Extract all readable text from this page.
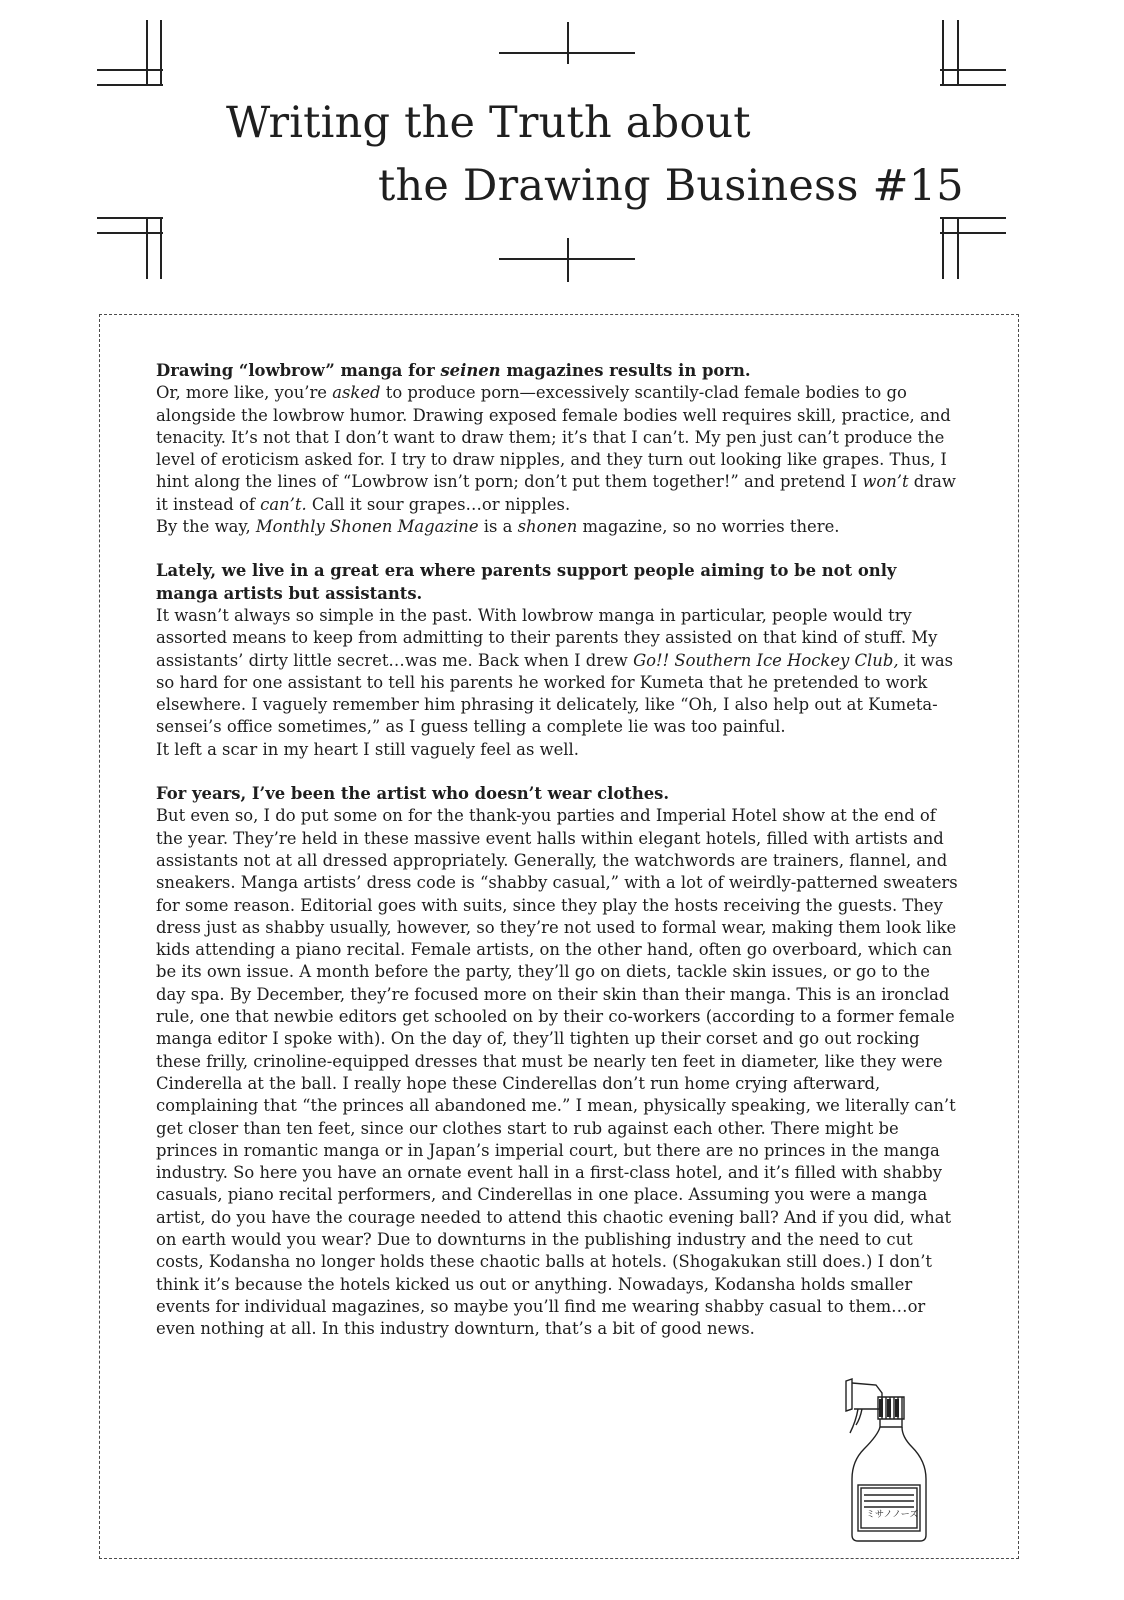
Writing the Truth about
the Drawing Business #15

Drawing “lowbrow” manga for seinen magazines results in porn.

Or, more like, you’re asked to produce porn—excessively scantily-clad female bodies to go alongside the lowbrow humor. Drawing exposed female bodies well requires skill, practice, and tenacity. It’s not that I don’t want to draw them; it’s that I can’t. My pen just can’t produce the level of eroticism asked for. I try to draw nipples, and they turn out looking like grapes. Thus, I hint along the lines of “Lowbrow isn’t porn; don’t put them together!” and pretend I won’t draw it instead of can’t. Call it sour grapes…or nipples.

By the way, Monthly Shonen Magazine is a shonen magazine, so no worries there.

Lately, we live in a great era where parents support people aiming to be not only manga artists but assistants.

It wasn’t always so simple in the past. With lowbrow manga in particular, people would try assorted means to keep from admitting to their parents they assisted on that kind of stuff. My assistants’ dirty little secret…was me. Back when I drew Go!! Southern Ice Hockey Club, it was so hard for one assistant to tell his parents he worked for Kumeta that he pretended to work elsewhere. I vaguely remember him phrasing it delicately, like “Oh, I also help out at Kumeta-sensei’s office sometimes,” as I guess telling a complete lie was too painful.

It left a scar in my heart I still vaguely feel as well.

For years, I’ve been the artist who doesn’t wear clothes.

But even so, I do put some on for the thank-you parties and Imperial Hotel show at the end of the year. They’re held in these massive event halls within elegant hotels, filled with artists and assistants not at all dressed appropriately. Generally, the watchwords are trainers, flannel, and sneakers. Manga artists’ dress code is “shabby casual,” with a lot of weirdly-patterned sweaters for some reason. Editorial goes with suits, since they play the hosts receiving the guests. They dress just as shabby usually, however, so they’re not used to formal wear, making them look like kids attending a piano recital. Female artists, on the other hand, often go overboard, which can be its own issue. A month before the party, they’ll go on diets, tackle skin issues, or go to the day spa. By December, they’re focused more on their skin than their manga. This is an ironclad rule, one that newbie editors get schooled on by their co-workers (according to a former female manga editor I spoke with). On the day of, they’ll tighten up their corset and go out rocking these frilly, crinoline-equipped dresses that must be nearly ten feet in diameter, like they were Cinderella at the ball. I really hope these Cinderellas don’t run home crying afterward, complaining that “the princes all abandoned me.” I mean, physically speaking, we literally can’t get closer than ten feet, since our clothes start to rub against each other. There might be princes in romantic manga or in Japan’s imperial court, but there are no princes in the manga industry. So here you have an ornate event hall in a first-class hotel, and it’s filled with shabby casuals, piano recital performers, and Cinderellas in one place. Assuming you were a manga artist, do you have the courage needed to attend this chaotic evening ball? And if you did, what on earth would you wear? Due to downturns in the publishing industry and the need to cut costs, Kodansha no longer holds these chaotic balls at hotels. (Shogakukan still does.) I don’t think it’s because the hotels kicked us out or anything. Nowadays, Kodansha holds smaller events for individual magazines, so maybe you’ll find me wearing shabby casual to them…or even nothing at all. In this industry downturn, that’s a bit of good news.

ミサノ ノーズ
